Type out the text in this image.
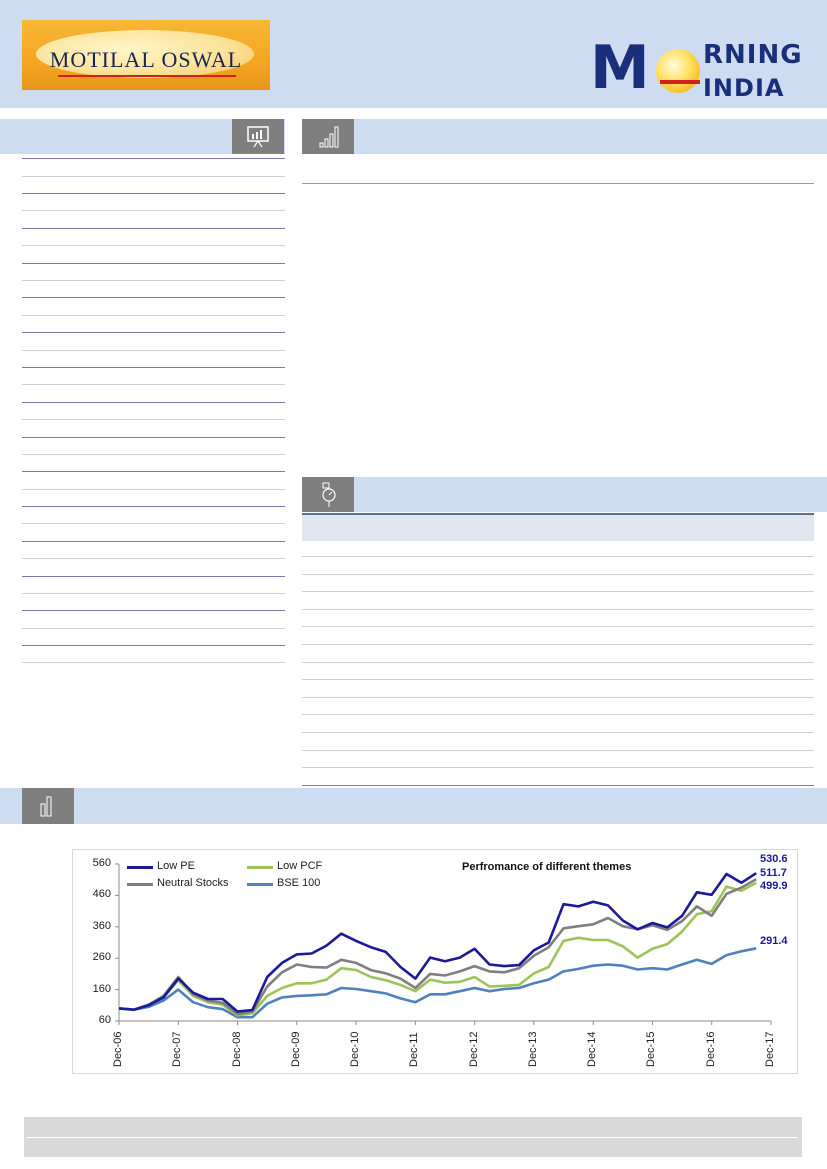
MOTILAL OSWAL	M RNING
INDIA
Perfromance of different themes
Low PE
Neutral Stocks
Low PCF
BSE 100
60
160
260
360
460
560
Dec-06	Dec-07	Dec-08	Dec-09	Dec-10	Dec-11	Dec-12	Dec-13	Dec-14	Dec-15	Dec-16	Dec-17
530.6
511.7
499.9
291.4
